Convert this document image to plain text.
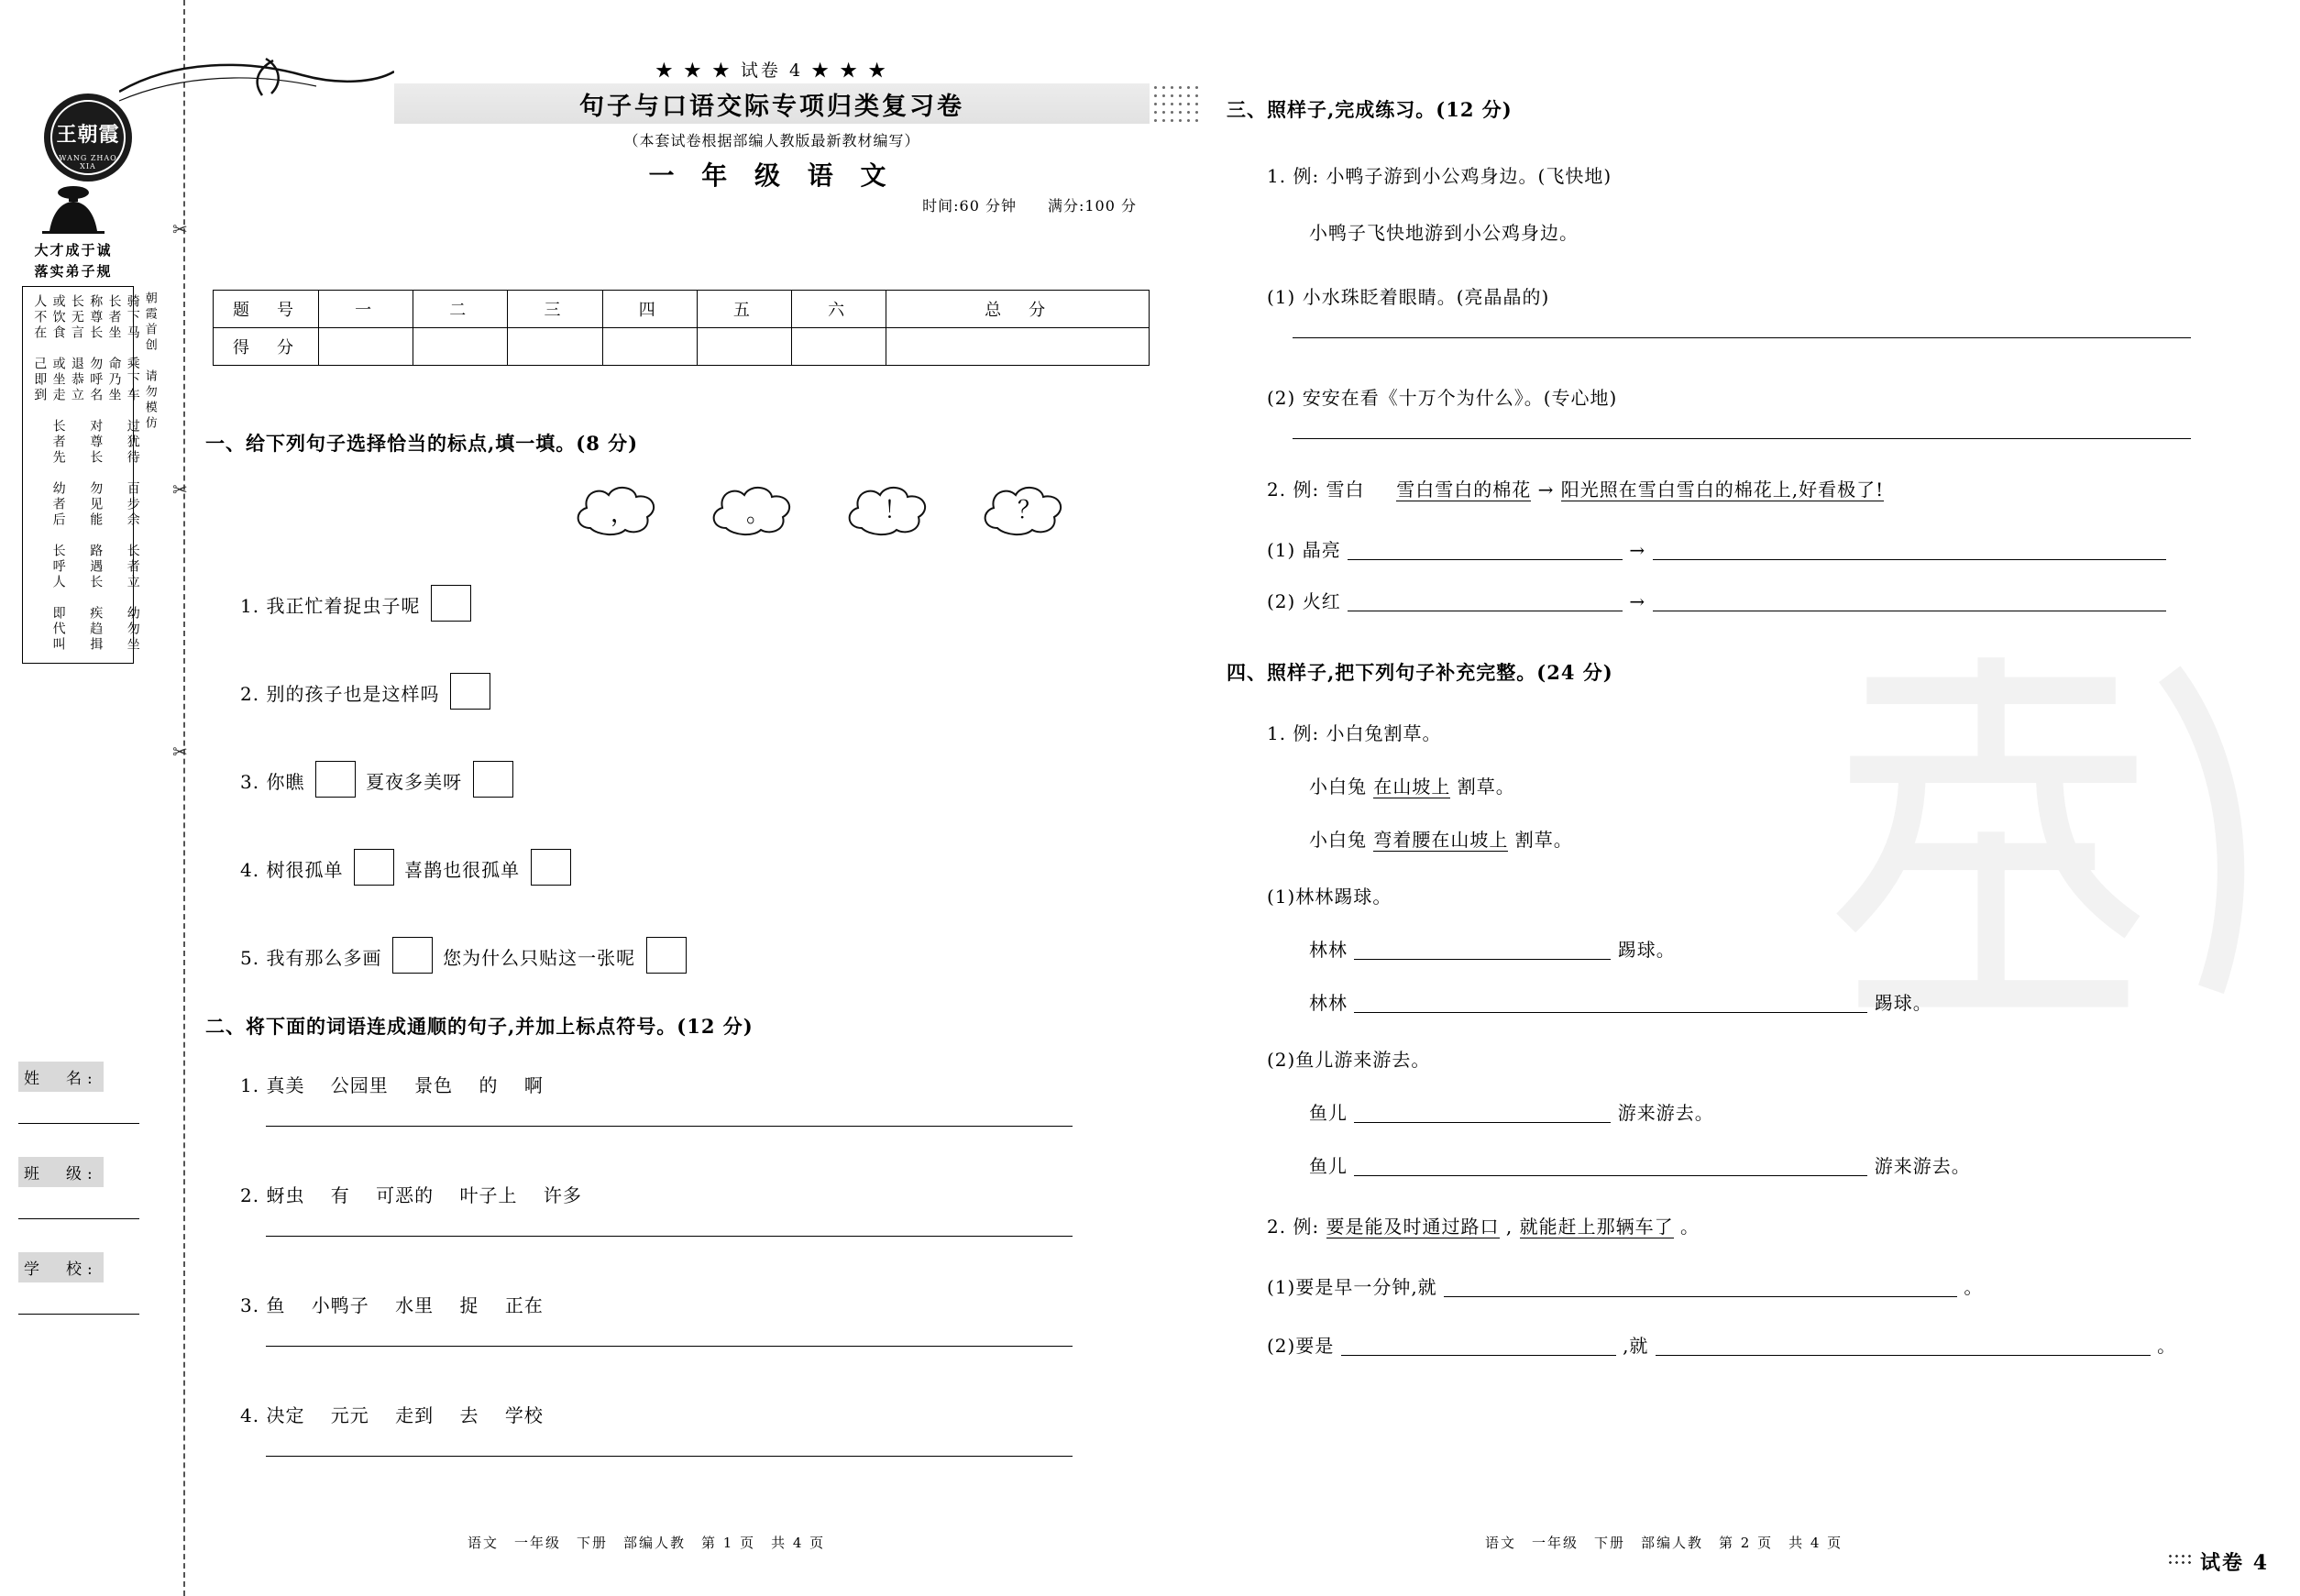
✂
✂
✂
王朝霞
WANG ZHAO XIA
大才成于诚
落实弟子规
骑下马　乘下车　过犹待　百步余　长者立　幼勿坐　长者坐　命乃坐
称尊长　勿呼名　对尊长　勿见能　路遇长　疾趋揖　长无言　退恭立
或饮食　或坐走　长者先　幼者后　长呼人　即代叫　人不在　己即到	朝霞首创　请勿模仿
姓　名:
班　级:
学　校:
★ ★ ★ 试卷 4 ★ ★ ★
句子与口语交际专项归类复习卷
（本套试卷根据部编人教版最新教材编写）
一 年 级 语 文
时间:60 分钟　　满分:100 分
题　号	一	二	三	四	五	六	总　分
得　分							
一、给下列句子选择恰当的标点,填一填。(8 分)
，	。	！	？
1. 我正忙着捉虫子呢
2. 别的孩子也是这样吗
3. 你瞧	夏夜多美呀
4. 树很孤单	喜鹊也很孤单
5. 我有那么多画	您为什么只贴这一张呢
二、将下面的词语连成通顺的句子,并加上标点符号。(12 分)
1. 真美　 公园里　 景色　 的　 啊
2. 蚜虫　 有　 可恶的　 叶子上　 许多
3. 鱼　 小鸭子　 水里　 捉　 正在
4. 决定　 元元　 走到　 去　 学校
语文　一年级　下册　部编人教　第 1 页　共 4 页
三、照样子,完成练习。(12 分)
1. 例: 小鸭子游到小公鸡身边。(飞快地)
小鸭子飞快地游到小公鸡身边。
(1) 小水珠眨着眼睛。(亮晶晶的)
(2) 安安在看《十万个为什么》。(专心地)
2. 例: 雪白 雪白雪白的棉花 → 阳光照在雪白雪白的棉花上,好看极了!
(1) 晶亮	→
(2) 火红	→
四、照样子,把下列句子补充完整。(24 分)
1. 例: 小白兔割草。
小白兔 在山坡上 割草。
小白兔 弯着腰在山坡上 割草。
(1)林林踢球。
林林	踢球。
林林	踢球。
(2)鱼儿游来游去。
鱼儿	游来游去。
鱼儿	游来游去。
2. 例: 要是能及时通过路口 , 就能赶上那辆车了 。
(1)要是早一分钟,就	。
(2)要是	,就	。
语文　一年级　下册　部编人教　第 2 页　共 4 页
试卷 4
